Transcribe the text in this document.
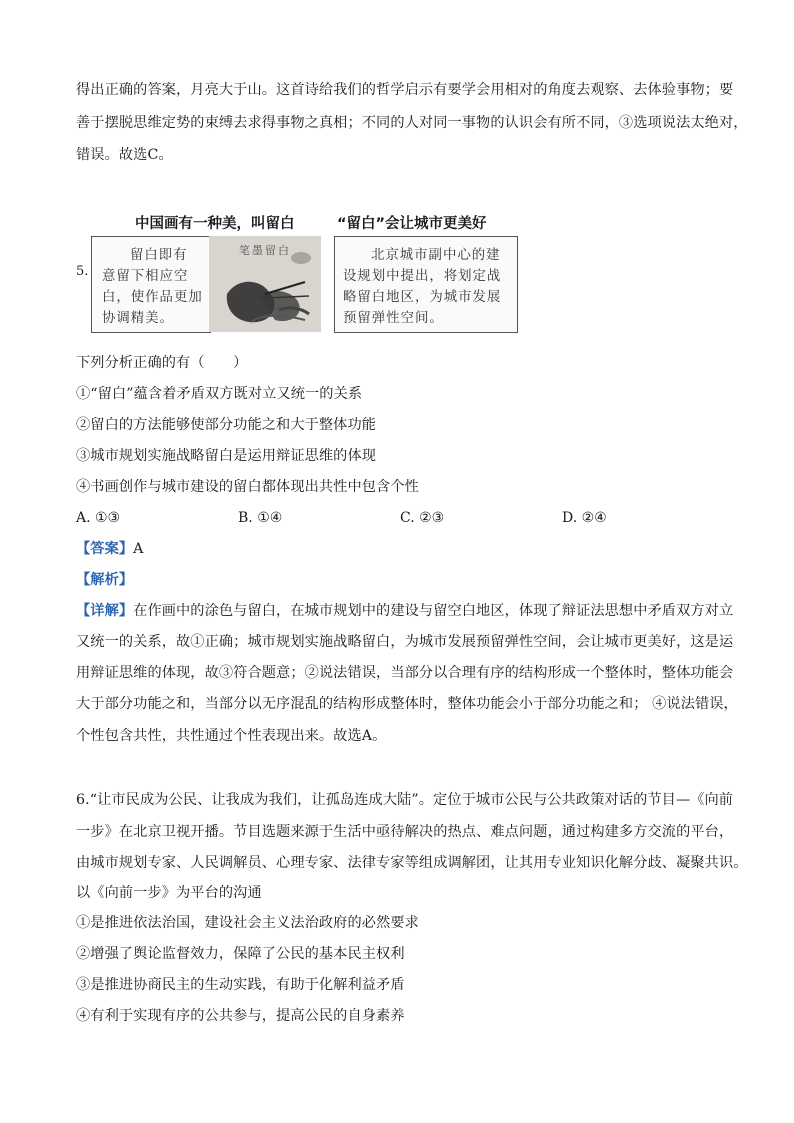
得出正确的答案，月亮大于山。这首诗给我们的哲学启示有要学会用相对的角度去观察、去体验事物；要
善于摆脱思维定势的束缚去求得事物之真相；不同的人对同一事物的认识会有所不同，③选项说法太绝对，
错误。故选C。
中国画有一种美，叫留白	“留白”会让城市更美好
5.
留白即有
意留下相应空
白，使作品更加
协调精美。
笔墨留白	北京城市副中心的建
设规划中提出，将划定战
略留白地区，为城市发展
预留弹性空间。
下列分析正确的有（　　）
①“留白”蕴含着矛盾双方既对立又统一的关系
②留白的方法能够使部分功能之和大于整体功能
③城市规划实施战略留白是运用辩证思维的体现
④书画创作与城市建设的留白都体现出共性中包含个性
A. ①③	B. ①④	C. ②③	D. ②④
【答案】A
【解析】
【详解】在作画中的涂色与留白，在城市规划中的建设与留空白地区，体现了辩证法思想中矛盾双方对立
又统一的关系，故①正确；城市规划实施战略留白，为城市发展预留弹性空间，会让城市更美好，这是运
用辩证思维的体现，故③符合题意；②说法错误，当部分以合理有序的结构形成一个整体时，整体功能会
大于部分功能之和，当部分以无序混乱的结构形成整体时，整体功能会小于部分功能之和； ④说法错误，
个性包含共性，共性通过个性表现出来。故选A。
6.“让市民成为公民、让我成为我们，让孤岛连成大陆”。定位于城市公民与公共政策对话的节目—《向前
一步》在北京卫视开播。节目选题来源于生活中亟待解决的热点、难点问题，通过构建多方交流的平台，
由城市规划专家、人民调解员、心理专家、法律专家等组成调解团，让其用专业知识化解分歧、凝聚共识。
以《向前一步》为平台的沟通
①是推进依法治国，建设社会主义法治政府的必然要求
②增强了舆论监督效力，保障了公民的基本民主权利
③是推进协商民主的生动实践，有助于化解利益矛盾
④有利于实现有序的公共参与，提高公民的自身素养
